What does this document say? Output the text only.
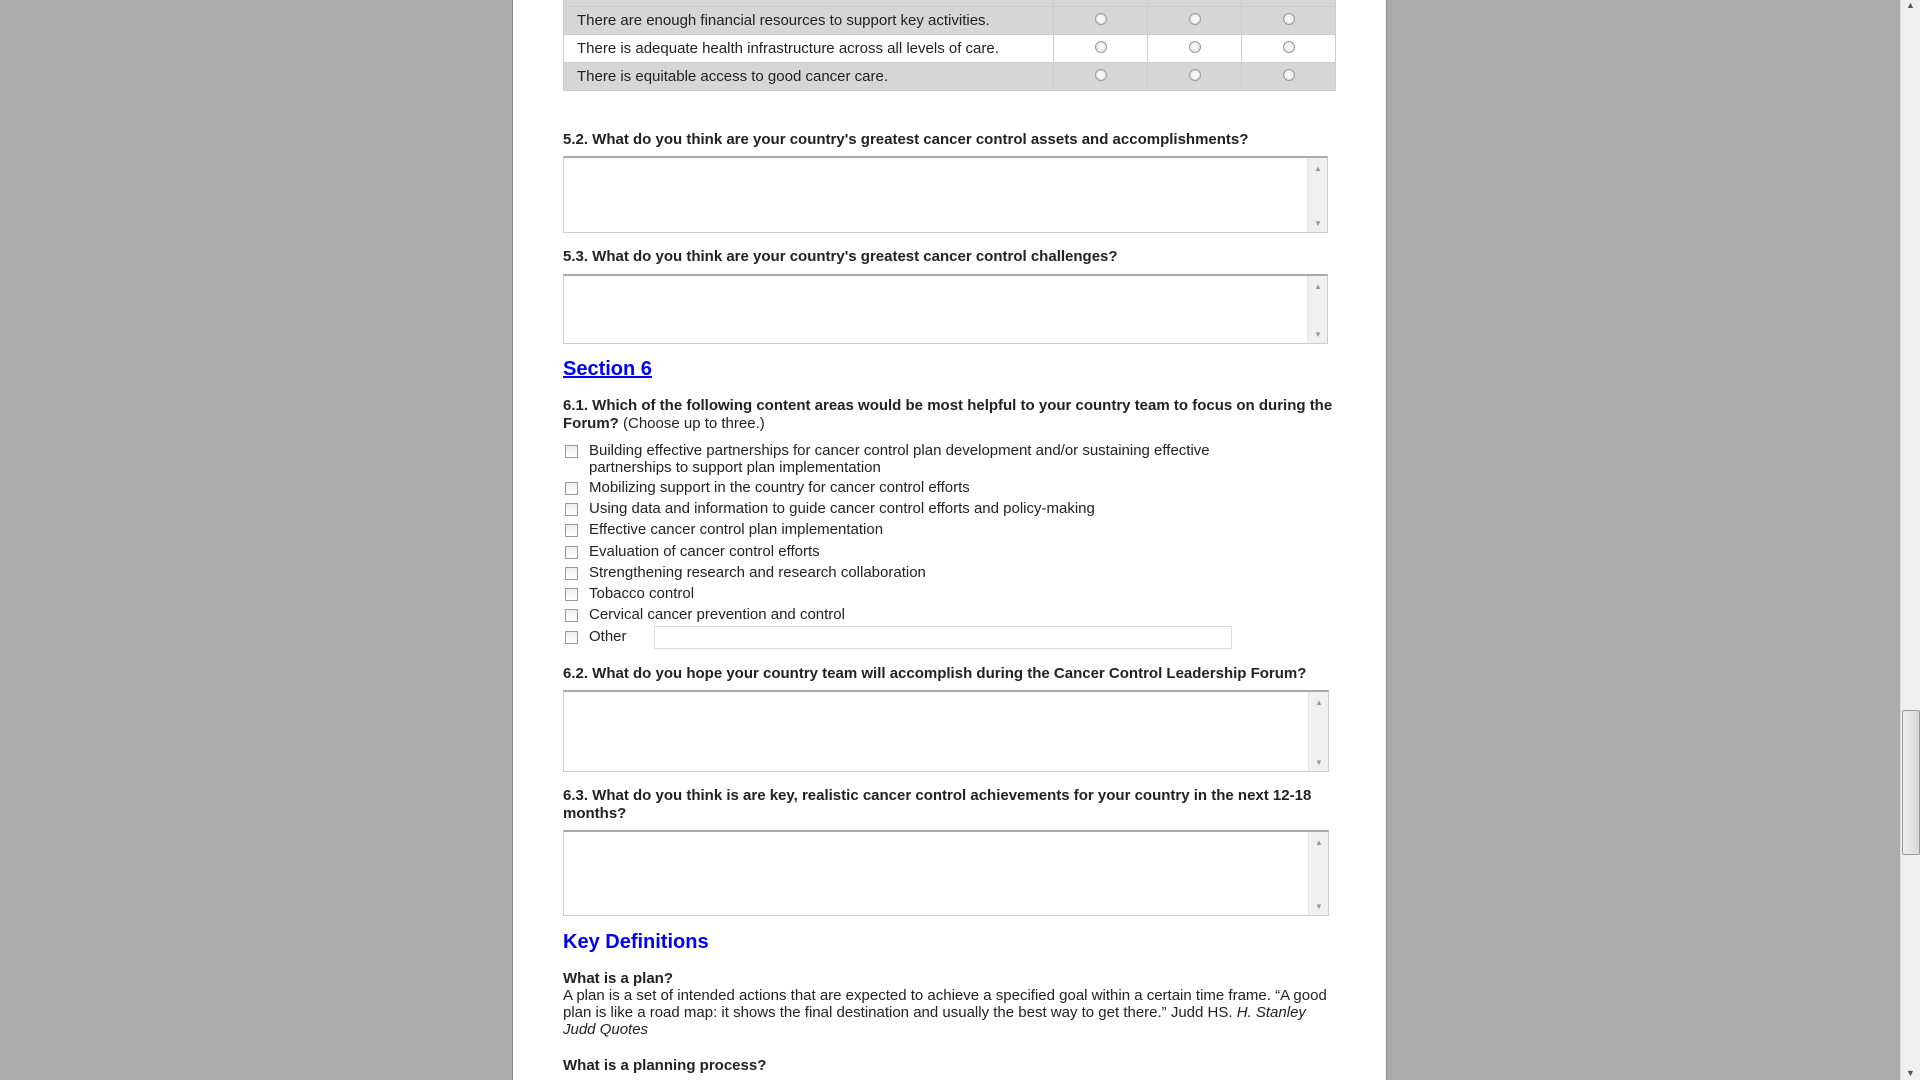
There are enough financial resources to support key activities.			
There is adequate health infrastructure across all levels of care.			
There is equitable access to good cancer care.			
5.2. What do you think are your country's greatest cancer control assets and accomplishments?
▲
▼
5.3. What do you think are your country's greatest cancer control challenges?
▲
▼
Section 6
6.1. Which of the following content areas would be most helpful to your country team to focus on during the Forum? (Choose up to three.)
Building effective partnerships for cancer control plan development and/or sustaining effective partnerships to support plan implementation
Mobilizing support in the country for cancer control efforts
Using data and information to guide cancer control efforts and policy-making
Effective cancer control plan implementation
Evaluation of cancer control efforts
Strengthening research and research collaboration
Tobacco control
Cervical cancer prevention and control
Other
6.2. What do you hope your country team will accomplish during the Cancer Control Leadership Forum?
▲
▼
6.3. What do you think is are key, realistic cancer control achievements for your country in the next 12-18 months?
▲
▼
Key Definitions
What is a plan?
A plan is a set of intended actions that are expected to achieve a specified goal within a certain time frame. “A good plan is like a road map: it shows the final destination and usually the best way to get there.” Judd HS. H. Stanley Judd Quotes
What is a planning process?
▲
▼
